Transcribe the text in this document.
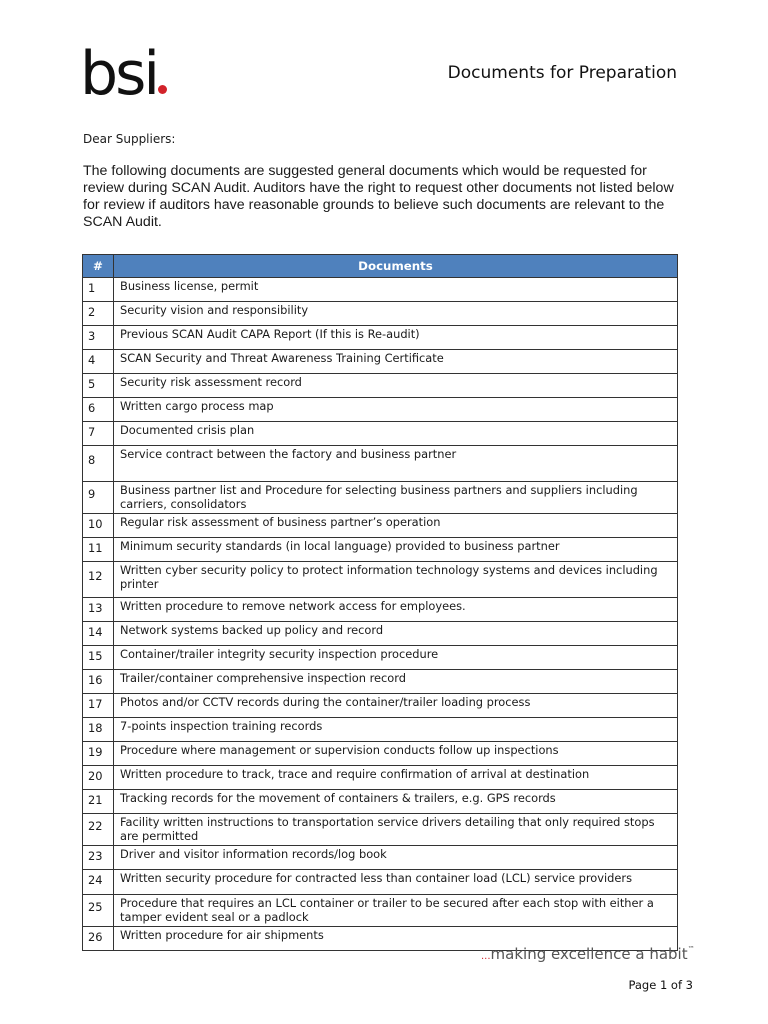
bsi	Documents for Preparation
Dear Suppliers:
The following documents are suggested general documents which would be requested for review during SCAN Audit. Auditors have the right to request other documents not listed below for review if auditors have reasonable grounds to believe such documents are relevant to the SCAN Audit.
#	Documents
1	Business license, permit
2	Security vision and responsibility
3	Previous SCAN Audit CAPA Report (If this is Re-audit)
4	SCAN Security and Threat Awareness Training Certificate
5	Security risk assessment record
6	Written cargo process map
7	Documented crisis plan
8	Service contract between the factory and business partner
9	Business partner list and Procedure for selecting business partners and suppliers including carriers, consolidators
10	Regular risk assessment of business partner’s operation
11	Minimum security standards (in local language) provided to business partner
12	Written cyber security policy to protect information technology systems and devices including printer
13	Written procedure to remove network access for employees.
14	Network systems backed up policy and record
15	Container/trailer integrity security inspection procedure
16	Trailer/container comprehensive inspection record
17	Photos and/or CCTV records during the container/trailer loading process
18	7-points inspection training records
19	Procedure where management or supervision conducts follow up inspections
20	Written procedure to track, trace and require confirmation of arrival at destination
21	Tracking records for the movement of containers & trailers, e.g. GPS records
22	Facility written instructions to transportation service drivers detailing that only required stops are permitted
23	Driver and visitor information records/log book
24	Written security procedure for contracted less than container load (LCL) service providers
25	Procedure that requires an LCL container or trailer to be secured after each stop with either a tamper evident seal or a padlock
26	Written procedure for air shipments
...making excellence a habit™
Page 1 of 3
